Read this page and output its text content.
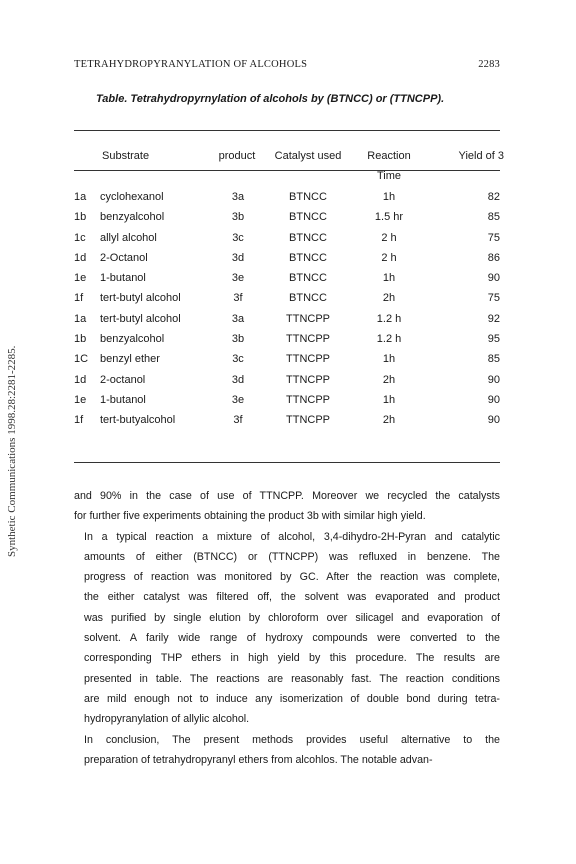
TETRAHYDROPYRANYLATION OF ALCOHOLS	2283
Synthetic Communications 1998.28:2281-2285.
Table. Tetrahydropyrnylation of alcohols by (BTNCC) or (TTNCPP).
Substrate	product	Catalyst used	Reaction	Yield of 3
Time
1a cyclohexanol	3a	BTNCC	1h	82
1b benzyalcohol	3b	BTNCC	1.5 hr	85
1c allyl alcohol	3c	BTNCC	2 h	75
1d 2-Octanol	3d	BTNCC	2 h	86
1e 1-butanol	3e	BTNCC	1h	90
1f tert-butyl alcohol	3f	BTNCC	2h	75
1a tert-butyl alcohol	3a	TTNCPP	1.2 h	92
1b benzyalcohol	3b	TTNCPP	1.2 h	95
1C benzyl ether	3c	TTNCPP	1h	85
1d 2-octanol	3d	TTNCPP	2h	90
1e 1-butanol	3e	TTNCPP	1h	90
1f tert-butyalcohol	3f	TTNCPP	2h	90

and 90% in the case of use of TTNCPP. Moreover we recycled the catalysts
for further five experiments obtaining the product 3b with similar high yield.

In a typical reaction a mixture of alcohol, 3,4-dihydro-2H-Pyran and catalytic
amounts of either (BTNCC) or (TTNCPP) was refluxed in benzene. The
progress of reaction was monitored by GC. After the reaction was complete,
the either catalyst was filtered off, the solvent was evaporated and product
was purified by single elution by chloroform over silicagel and evaporation of
solvent. A farily wide range of hydroxy compounds were converted to the
corresponding THP ethers in high yield by this procedure. The results are
presented in table. The reactions are reasonably fast. The reaction conditions
are mild enough not to induce any isomerization of double bond during tetra-
hydropyranylation of allylic alcohol.

In conclusion, The present methods provides useful alternative to the
preparation of tetrahydropyranyl ethers from alcohlos. The notable advan-
